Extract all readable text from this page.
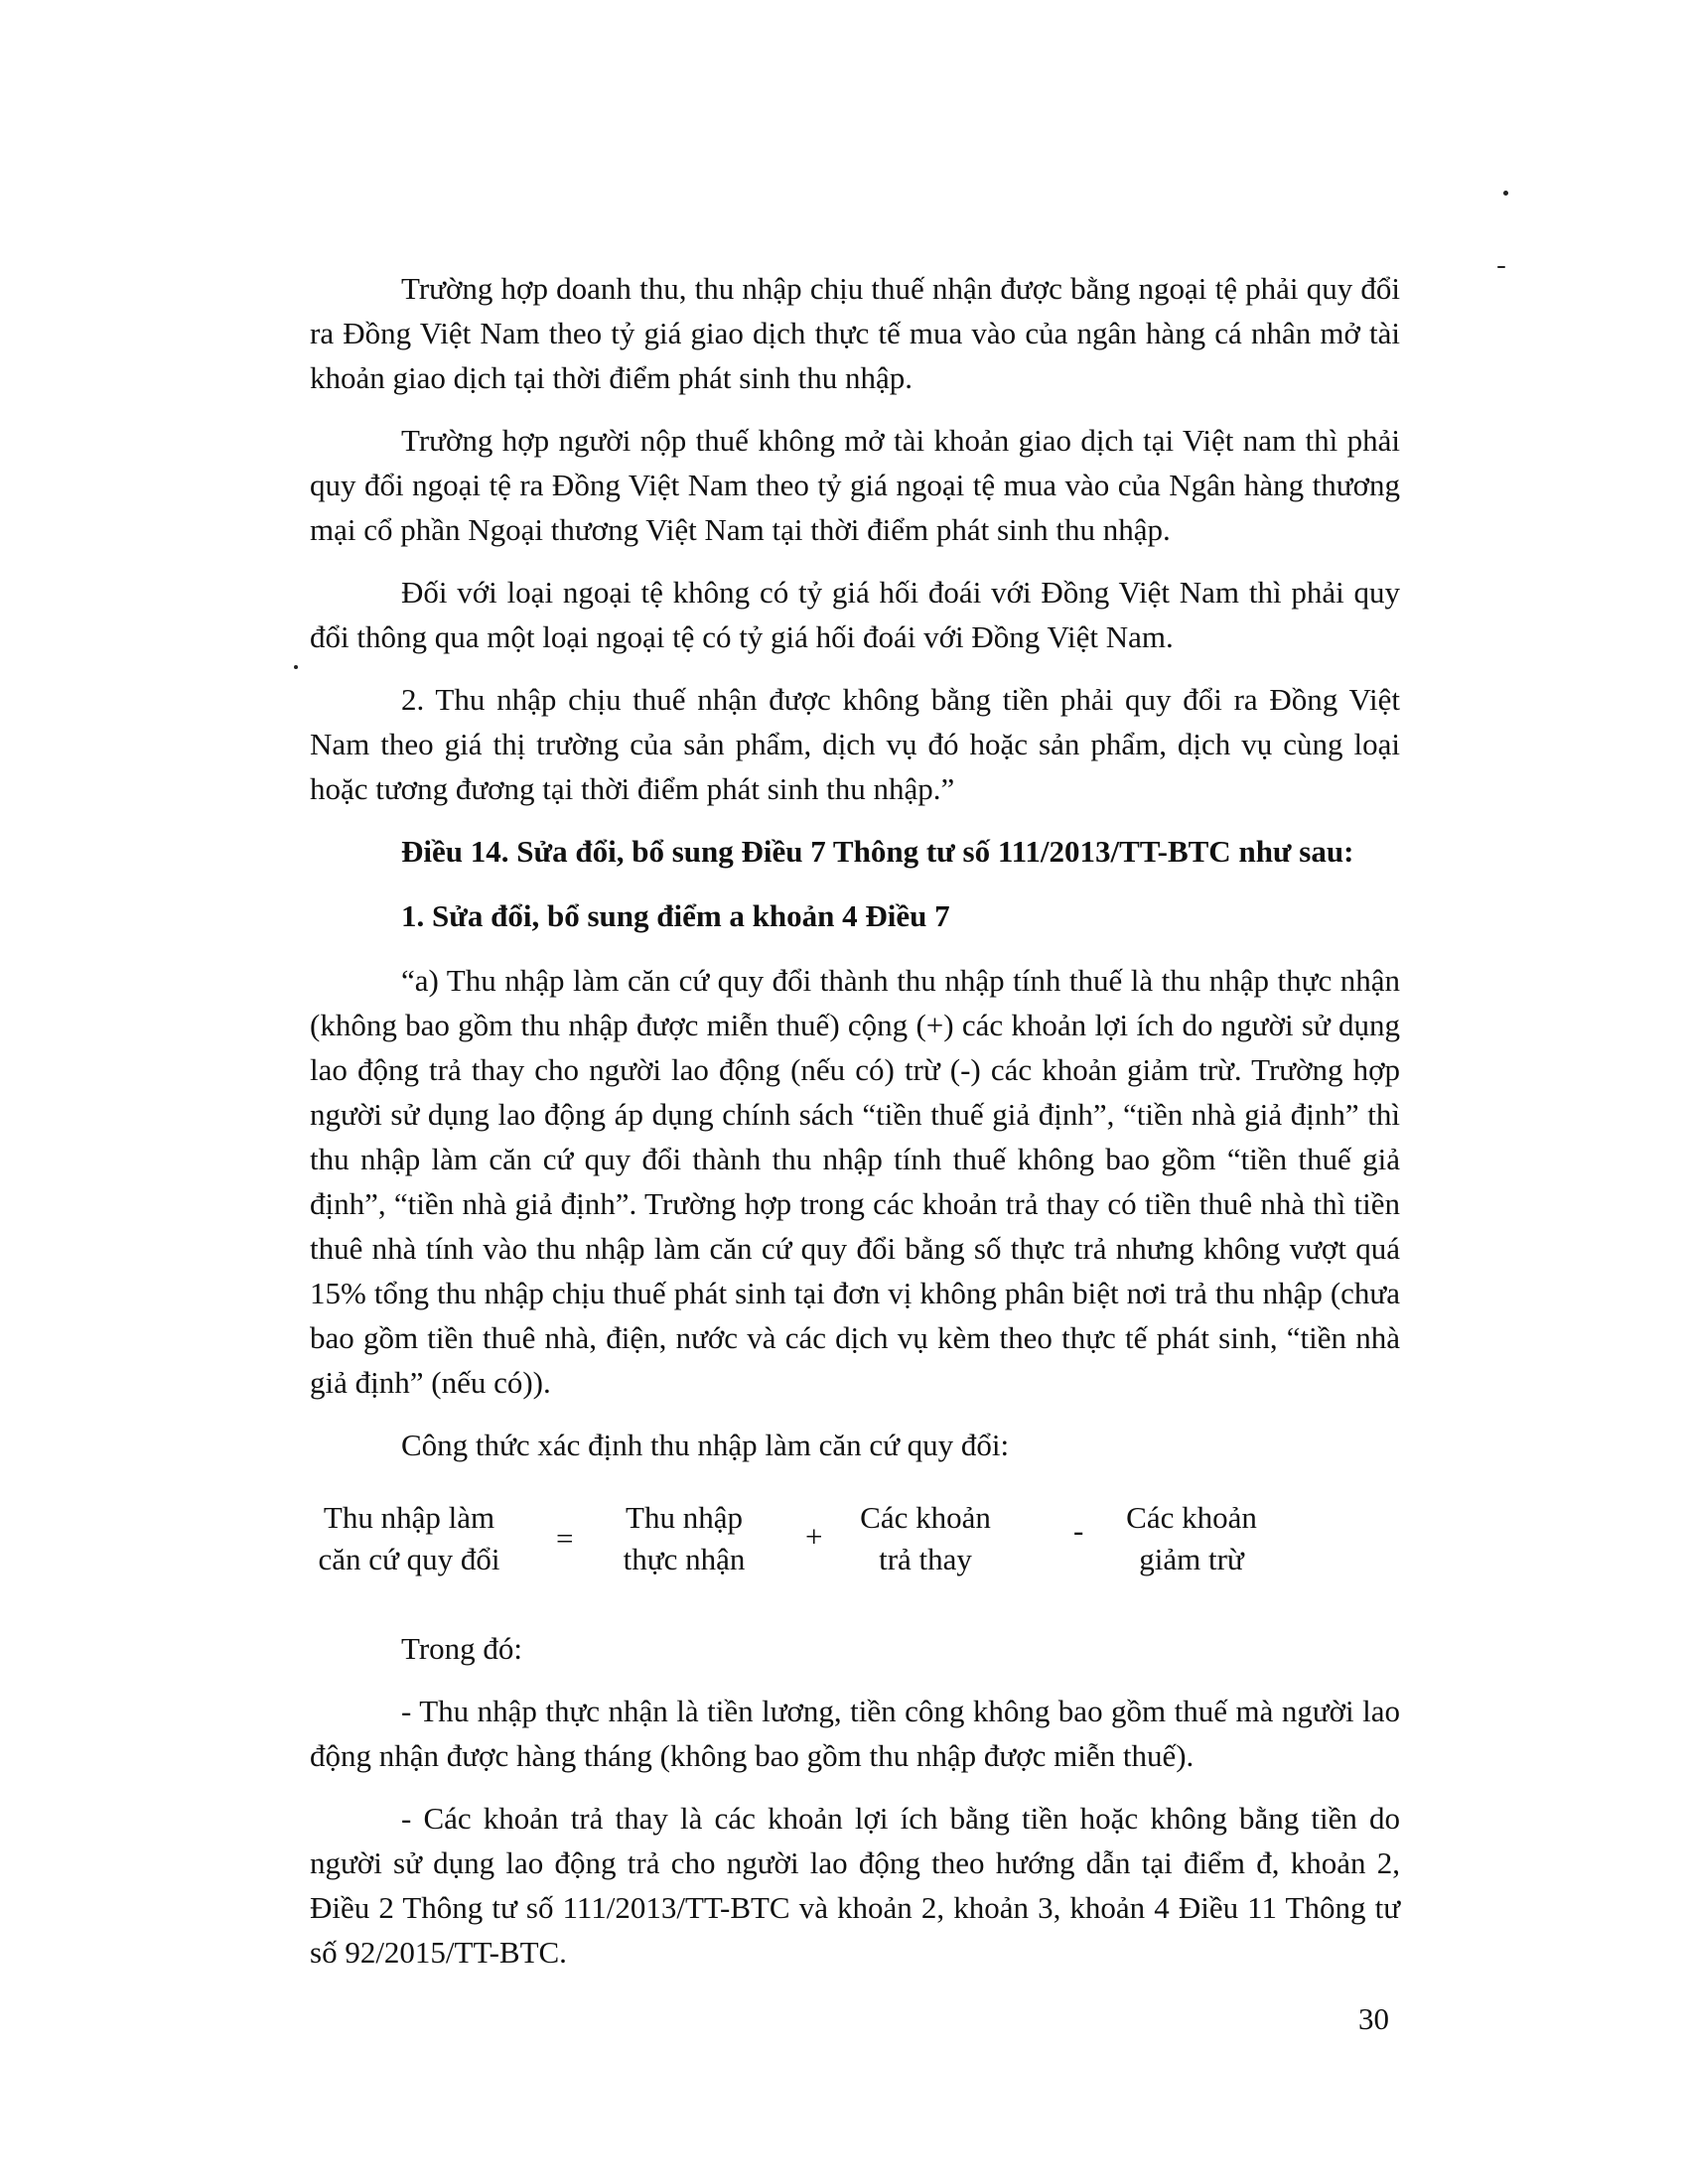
Trường hợp doanh thu, thu nhập chịu thuế nhận được bằng ngoại tệ phải quy đổi ra Đồng Việt Nam theo tỷ giá giao dịch thực tế mua vào của ngân hàng cá nhân mở tài khoản giao dịch tại thời điểm phát sinh thu nhập.

Trường hợp người nộp thuế không mở tài khoản giao dịch tại Việt nam thì phải quy đổi ngoại tệ ra Đồng Việt Nam theo tỷ giá ngoại tệ mua vào của Ngân hàng thương mại cổ phần Ngoại thương Việt Nam tại thời điểm phát sinh thu nhập.

Đối với loại ngoại tệ không có tỷ giá hối đoái với Đồng Việt Nam thì phải quy đổi thông qua một loại ngoại tệ có tỷ giá hối đoái với Đồng Việt Nam.

2. Thu nhập chịu thuế nhận được không bằng tiền phải quy đổi ra Đồng Việt Nam theo giá thị trường của sản phẩm, dịch vụ đó hoặc sản phẩm, dịch vụ cùng loại hoặc tương đương tại thời điểm phát sinh thu nhập.”

Điều 14. Sửa đổi, bổ sung Điều 7 Thông tư số 111/2013/TT-BTC như sau:

1. Sửa đổi, bổ sung điểm a khoản 4 Điều 7

“a) Thu nhập làm căn cứ quy đổi thành thu nhập tính thuế là thu nhập thực nhận (không bao gồm thu nhập được miễn thuế) cộng (+) các khoản lợi ích do người sử dụng lao động trả thay cho người lao động (nếu có) trừ (-) các khoản giảm trừ. Trường hợp người sử dụng lao động áp dụng chính sách “tiền thuế giả định”, “tiền nhà giả định” thì thu nhập làm căn cứ quy đổi thành thu nhập tính thuế không bao gồm “tiền thuế giả định”, “tiền nhà giả định”. Trường hợp trong các khoản trả thay có tiền thuê nhà thì tiền thuê nhà tính vào thu nhập làm căn cứ quy đổi bằng số thực trả nhưng không vượt quá 15% tổng thu nhập chịu thuế phát sinh tại đơn vị không phân biệt nơi trả thu nhập (chưa bao gồm tiền thuê nhà, điện, nước và các dịch vụ kèm theo thực tế phát sinh, “tiền nhà giả định” (nếu có)).

Công thức xác định thu nhập làm căn cứ quy đổi:

Thu nhập làm
căn cứ quy đổi
=
Thu nhập
thực nhận
+
Các khoản
trả thay
-	Các khoản
giảm trừ

Trong đó:

- Thu nhập thực nhận là tiền lương, tiền công không bao gồm thuế mà người lao động nhận được hàng tháng (không bao gồm thu nhập được miễn thuế).

- Các khoản trả thay là các khoản lợi ích bằng tiền hoặc không bằng tiền do người sử dụng lao động trả cho người lao động theo hướng dẫn tại điểm đ, khoản 2, Điều 2 Thông tư số 111/2013/TT-BTC và khoản 2, khoản 3, khoản 4 Điều 11 Thông tư số 92/2015/TT-BTC.

30
